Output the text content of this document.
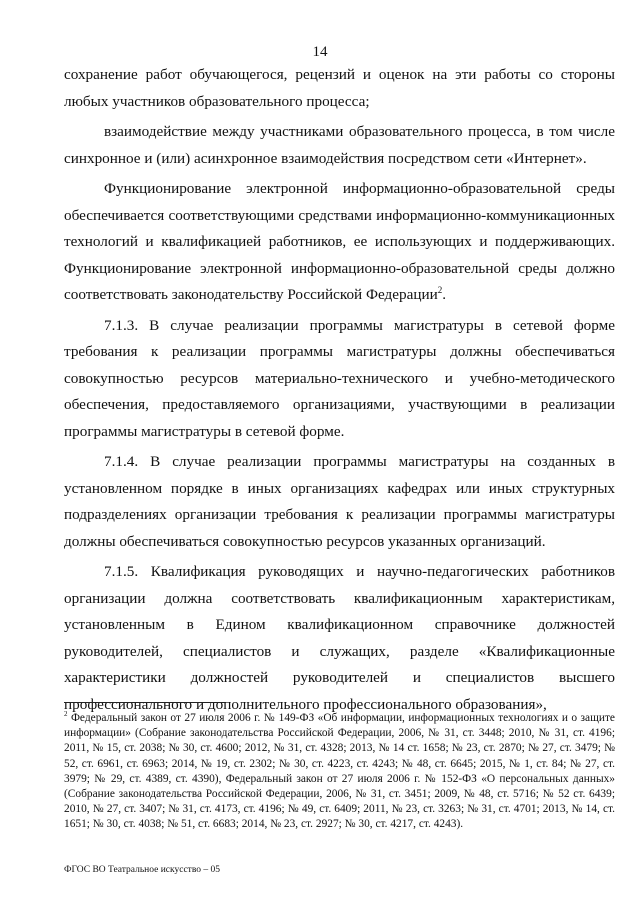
14

сохранение работ обучающегося, рецензий и оценок на эти работы со стороны любых участников образовательного процесса;

взаимодействие между участниками образовательного процесса, в том числе синхронное и (или) асинхронное взаимодействия посредством сети «Интернет».

Функционирование электронной информационно-образовательной среды обеспечивается соответствующими средствами информационно-коммуникационных технологий и квалификацией работников, ее использующих и поддерживающих. Функционирование электронной информационно-образовательной среды должно соответствовать законодательству Российской Федерации$^2$.

7.1.3. В случае реализации программы магистратуры в сетевой форме требования к реализации программы магистратуры должны обеспечиваться совокупностью ресурсов материально-технического и учебно-методического обеспечения, предоставляемого организациями, участвующими в реализации программы магистратуры в сетевой форме.

7.1.4. В случае реализации программы магистратуры на созданных в установленном порядке в иных организациях кафедрах или иных структурных подразделениях организации требования к реализации программы магистратуры должны обеспечиваться совокупностью ресурсов указанных организаций.

7.1.5. Квалификация руководящих и научно-педагогических работников организации должна соответствовать квалификационным характеристикам, установленным в Едином квалификационном справочнике должностей руководителей, специалистов и служащих, разделе «Квалификационные характеристики должностей руководителей и специалистов высшего профессионального и дополнительного профессионального образования»,

$^2$ Федеральный закон от 27 июля 2006 г. № 149-ФЗ «Об информации, информационных технологиях и о защите информации» (Собрание законодательства Российской Федерации, 2006, № 31, ст. 3448; 2010, № 31, ст. 4196; 2011, № 15, ст. 2038; № 30, ст. 4600; 2012, № 31, ст. 4328; 2013, № 14 ст. 1658; № 23, ст. 2870; № 27, ст. 3479; № 52, ст. 6961, ст. 6963; 2014, № 19, ст. 2302; № 30, ст. 4223, ст. 4243; № 48, ст. 6645; 2015, № 1, ст. 84; № 27, ст. 3979; № 29, ст. 4389, ст. 4390), Федеральный закон от 27 июля 2006 г. № 152-ФЗ «О персональных данных» (Собрание законодательства Российской Федерации, 2006, № 31, ст. 3451; 2009, № 48, ст. 5716; № 52 ст. 6439; 2010, № 27, ст. 3407; № 31, ст. 4173, ст. 4196; № 49, ст. 6409; 2011, № 23, ст. 3263; № 31, ст. 4701; 2013, № 14, ст. 1651; № 30, ст. 4038; № 51, ст. 6683; 2014, № 23, ст. 2927; № 30, ст. 4217, ст. 4243).
ФГОС ВО Театральное искусство – 05
